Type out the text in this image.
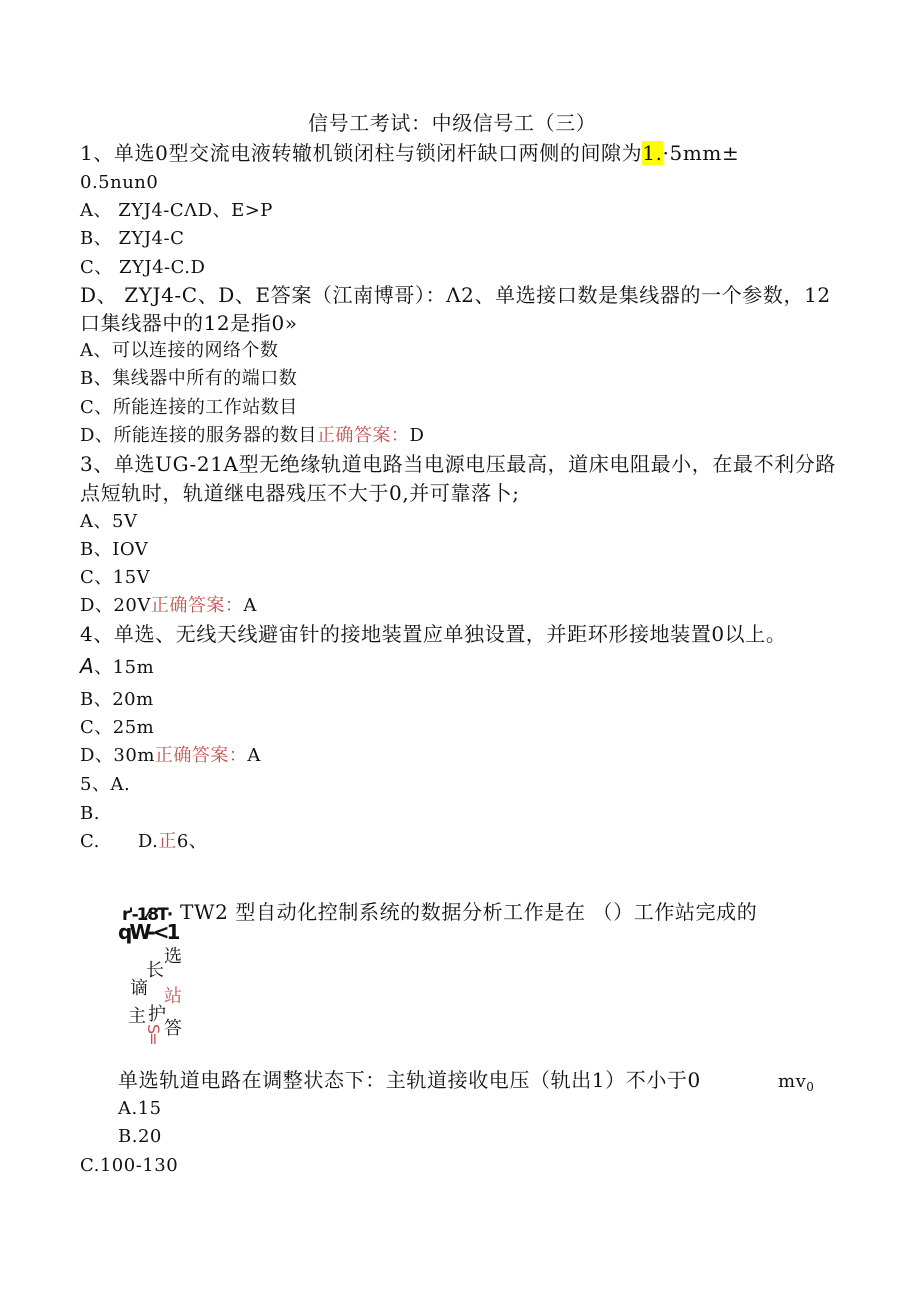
信号工考试：中级信号工（三）
1、单选0型交流电液转辙机锁闭柱与锁闭杆缺口两侧的间隙为1.·5mm±
0.5nun0
A、 ZYJ4-CΛD、E>P
B、 ZYJ4-C
C、 ZYJ4-C.D
D、 ZYJ4-C、D、E答案（江南博哥）：Λ2、单选接口数是集线器的一个参数，12
口集线器中的12是指0»
A、可以连接的网络个数
B、集线器中所有的端口数
C、所能连接的工作站数目
D、所能连接的服务器的数目正确答案：D
3、单选UG-21A型无绝缘轨道电路当电源电压最高，道床电阻最小，在最不利分路
点短轨时，轨道继电器残压不大于0,并可靠落卜;
A、5V
B、IOV
C、15V
D、20V正确答案：A
4、单选、无线天线避宙针的接地装置应单独设置，并距环形接地装置0以上。
A、15m
B、20m
C、25m
D、30m正确答案：A
5、A.
B.
C. D.正6、
TW2 型自动化控制系统的数据分析工作是在 （）工作站完成的
r'-1⁄8T·
qW-<1
选
长
站
谪
护
答
主
S=
单选轨道电路在调整状态下：主轨道接收电压（轨出1）不小于0	$mv_0$
A.15
B.20
C.100-130
